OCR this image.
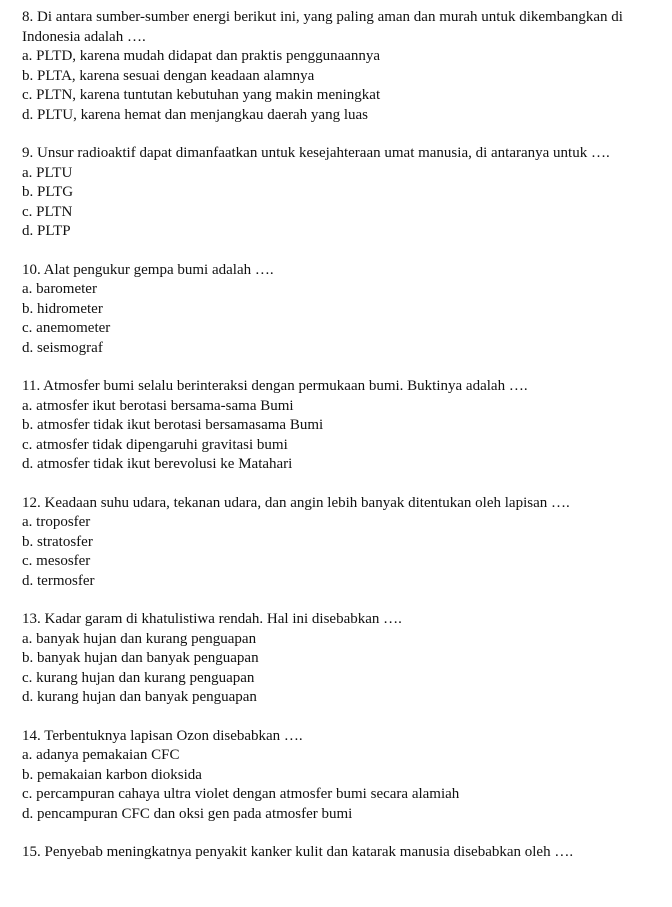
8. Di antara sumber-sumber energi berikut ini, yang paling aman dan murah untuk dikembangkan di Indonesia adalah ….

a. PLTD, karena mudah didapat dan praktis penggunaannya

b. PLTA, karena sesuai dengan keadaan alamnya

c. PLTN, karena tuntutan kebutuhan yang makin meningkat

d. PLTU, karena hemat dan menjangkau daerah yang luas

9. Unsur radioaktif dapat dimanfaatkan untuk kesejahteraan umat manusia, di antaranya untuk ….

a. PLTU

b. PLTG

c. PLTN

d. PLTP

10. Alat pengukur gempa bumi adalah ….

a. barometer

b. hidrometer

c. anemometer

d. seismograf

11. Atmosfer bumi selalu berinteraksi dengan permukaan bumi. Buktinya adalah ….

a. atmosfer ikut berotasi bersama-sama Bumi

b. atmosfer tidak ikut berotasi bersamasama Bumi

c. atmosfer tidak dipengaruhi gravitasi bumi

d. atmosfer tidak ikut berevolusi ke Matahari

12. Keadaan suhu udara, tekanan udara, dan angin lebih banyak ditentukan oleh lapisan ….

a. troposfer

b. stratosfer

c. mesosfer

d. termosfer

13. Kadar garam di khatulistiwa rendah. Hal ini disebabkan ….

a. banyak hujan dan kurang penguapan

b. banyak hujan dan banyak penguapan

c. kurang hujan dan kurang penguapan

d. kurang hujan dan banyak penguapan

14. Terbentuknya lapisan Ozon disebabkan ….

a. adanya pemakaian CFC

b. pemakaian karbon dioksida

c. percampuran cahaya ultra violet dengan atmosfer bumi secara alamiah

d. pencampuran CFC dan oksi gen pada atmosfer bumi

15. Penyebab meningkatnya penyakit kanker kulit dan katarak manusia disebabkan oleh ….
